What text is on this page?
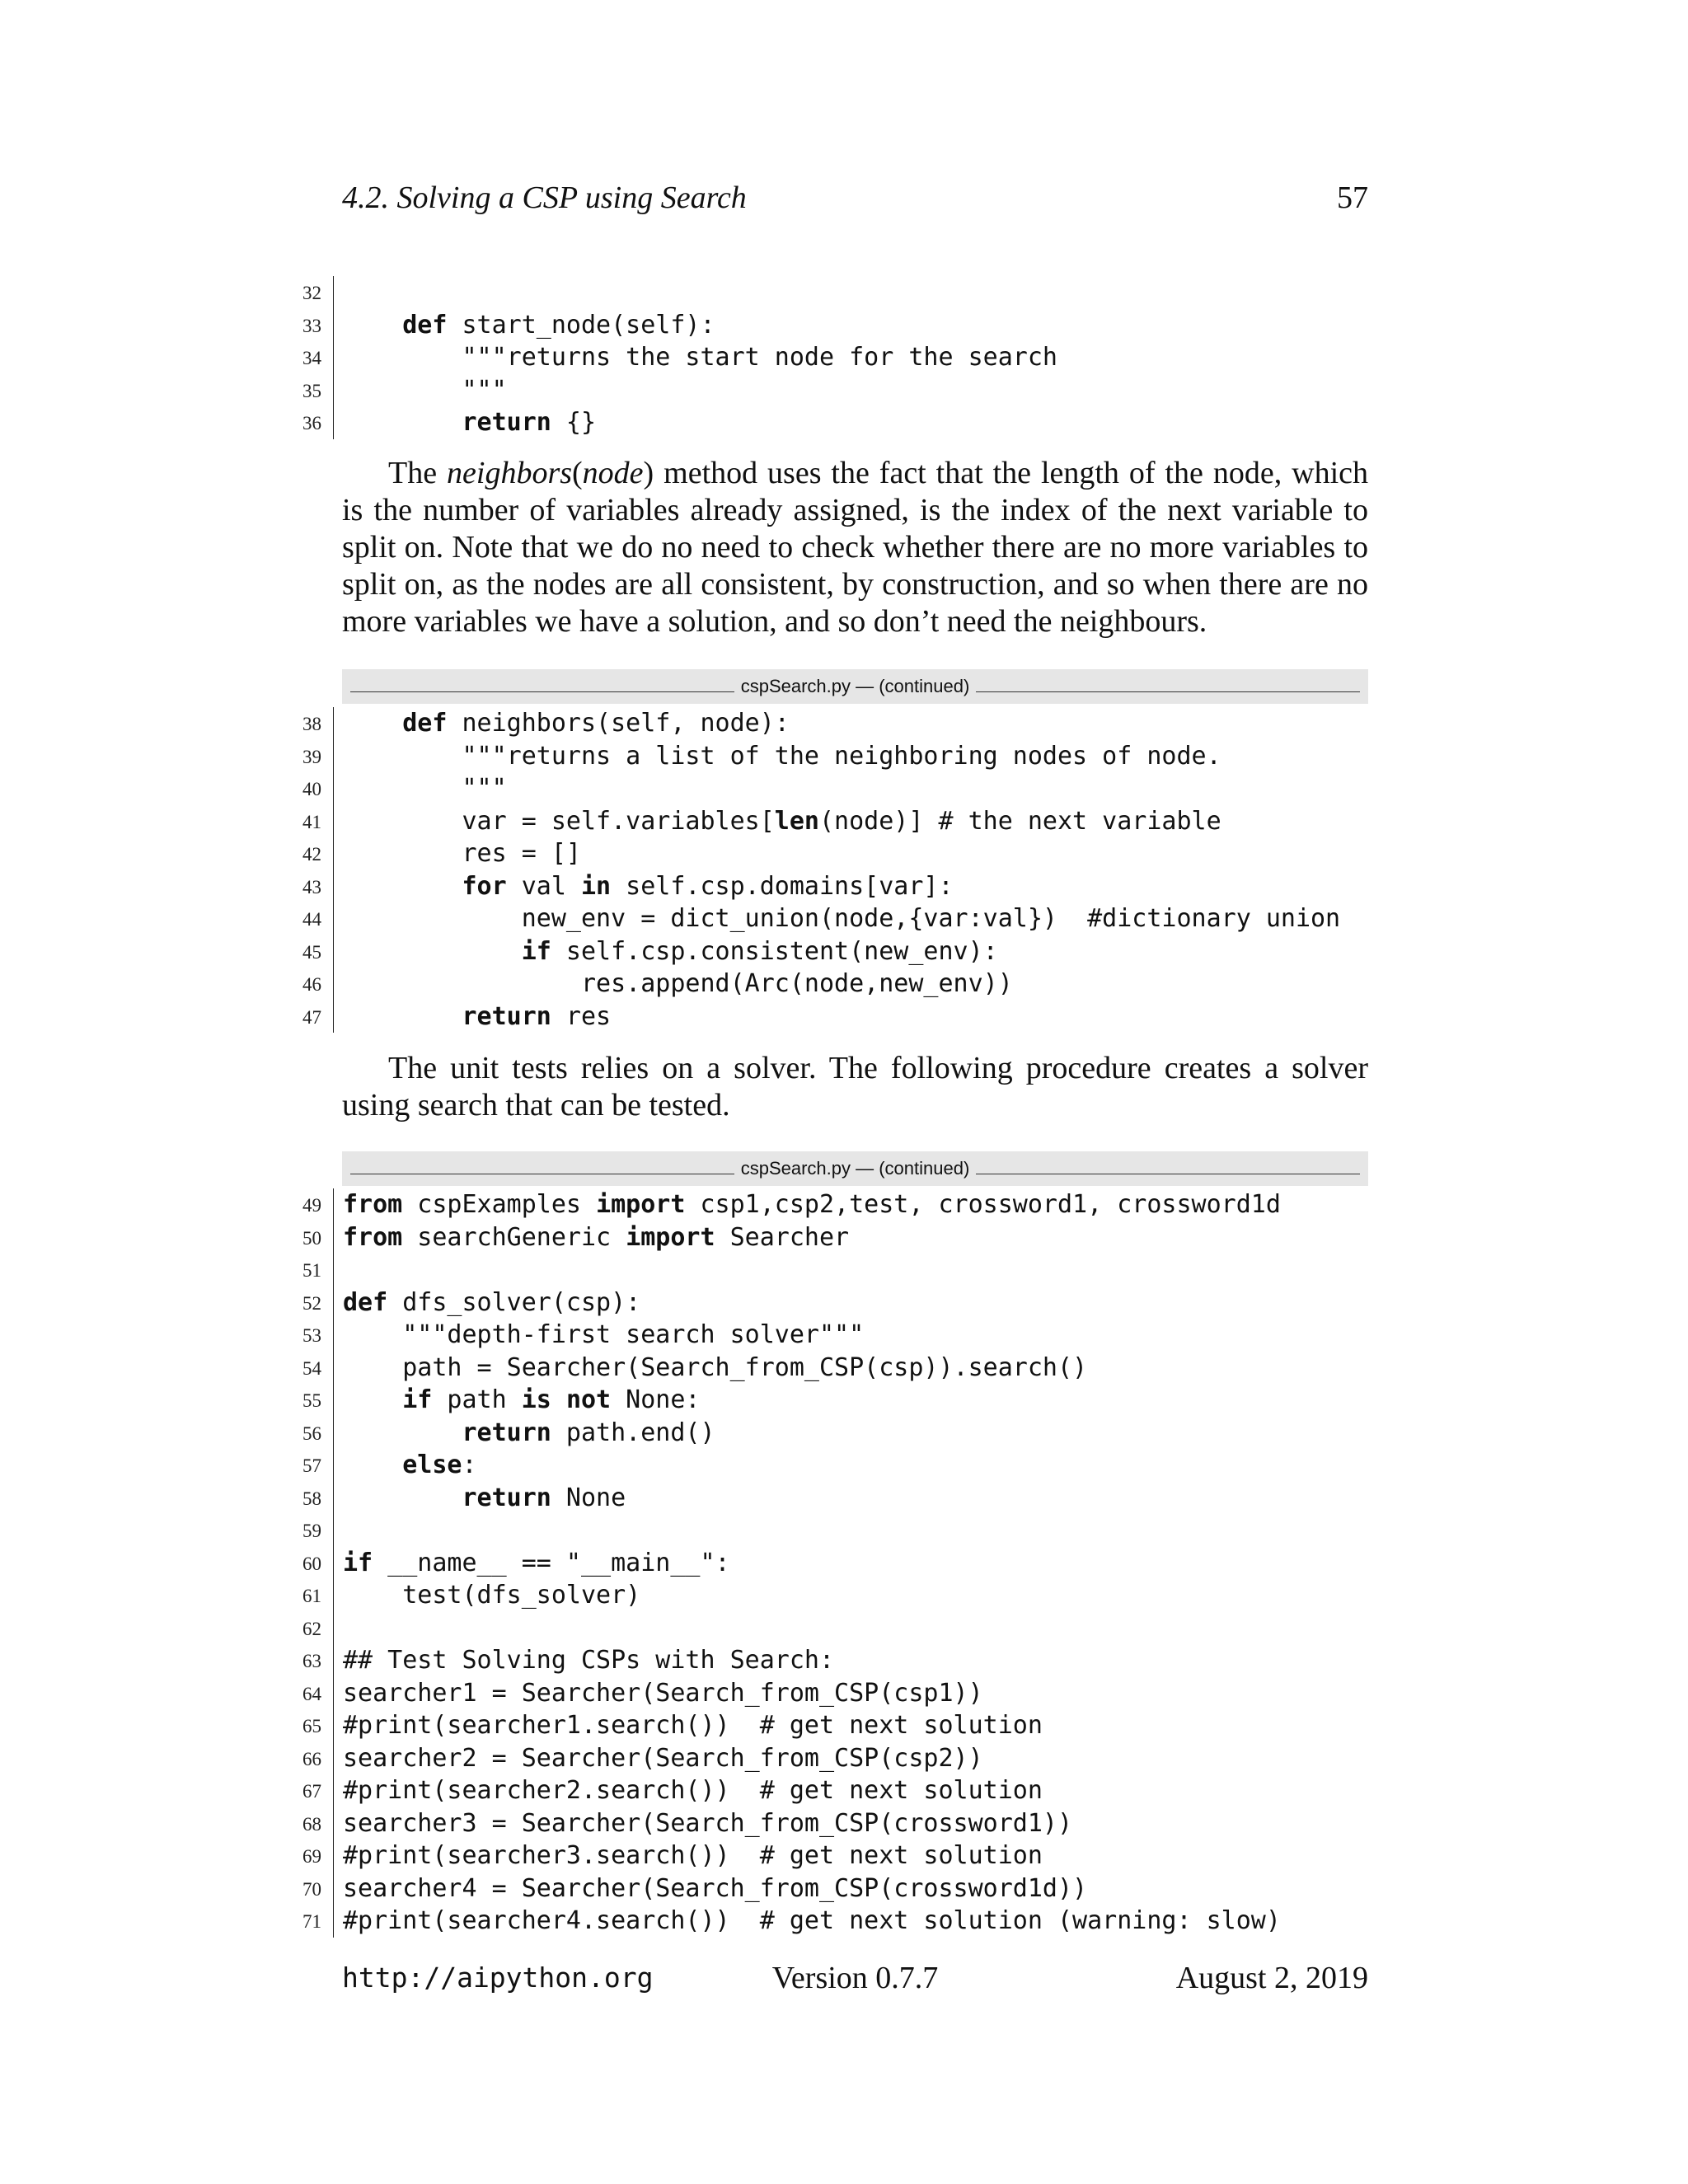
4.2. Solving a CSP using Search	57
32
33	def start_node(self):
34 """returns the start node for the search
35 """
36	return {}
The neighbors(node) method uses the fact that the length of the node, which is the number of variables already assigned, is the index of the next variable to split on. Note that we do no need to check whether there are no more variables to split on, as the nodes are all consistent, by construction, and so when there are no more variables we have a solution, and so don’t need the neighbours.
cspSearch.py — (continued)
38	def neighbors(self, node):
39 """returns a list of the neighboring nodes of node.
40 """
41 var = self.variables[len(node)] # the next variable
42 res = []
43	for val in self.csp.domains[var]:
44 new_env = dict_union(node,{var:val})  #dictionary union
45	if self.csp.consistent(new_env):
46 res.append(Arc(node,new_env))
47	return res
The unit tests relies on a solver. The following procedure creates a solver using search that can be tested.
cspSearch.py — (continued)
49 from cspExamples import csp1,csp2,test, crossword1, crossword1d
50 from searchGeneric import Searcher
51
52 def dfs_solver(csp):
53 """depth-first search solver"""
54 path = Searcher(Search_from_CSP(csp)).search()
55	if path is not None:
56	return path.end()
57	else:
58	return None
59
60 if __name__ == "__main__":
61 test(dfs_solver)
62
63 ## Test Solving CSPs with Search:
64 searcher1 = Searcher(Search_from_CSP(csp1))
65 #print(searcher1.search())  # get next solution
66 searcher2 = Searcher(Search_from_CSP(csp2))
67 #print(searcher2.search())  # get next solution
68 searcher3 = Searcher(Search_from_CSP(crossword1))
69 #print(searcher3.search())  # get next solution
70 searcher4 = Searcher(Search_from_CSP(crossword1d))
71 #print(searcher4.search())  # get next solution (warning: slow)
http://aipython.org	Version 0.7.7	August 2, 2019
